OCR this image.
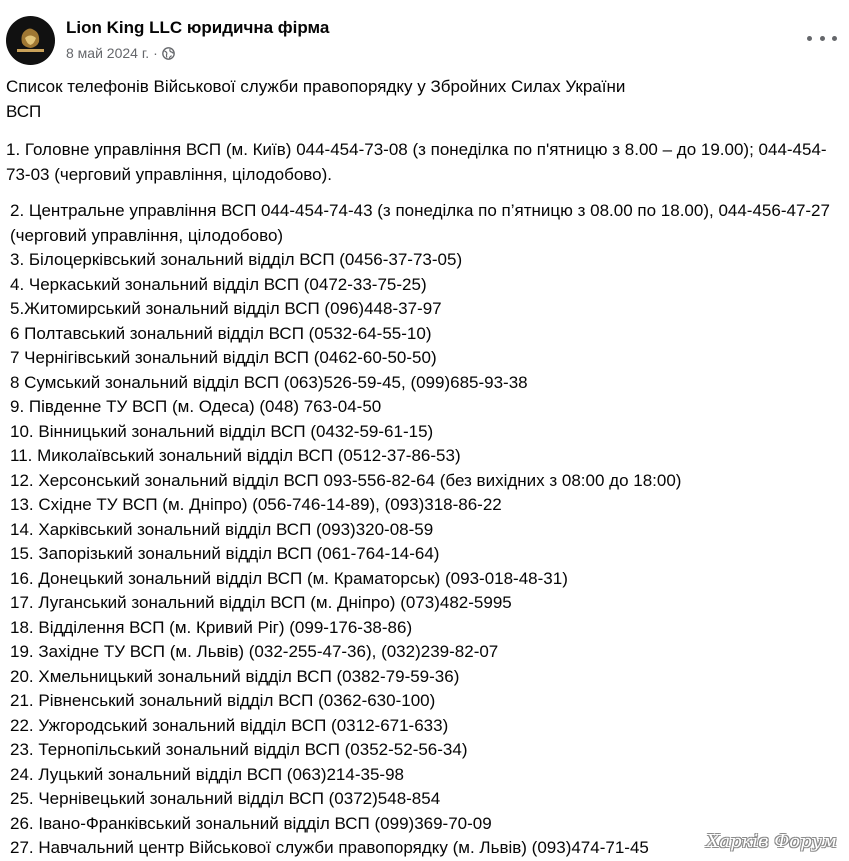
Lion King LLC юридична фірма
8 май 2024 г. ·

Список телефонів Військової служби правопорядку у Збройних Силах України
ВСП

1. Головне управління ВСП (м. Київ) 044-454-73-08 (з понеділка по п'ятницю з 8.00 – до 19.00); 044-454-73-03 (черговий управління, цілодобово).

2. Центральне управління ВСП 044-454-74-43 (з понеділка по п’ятницю з 08.00 по 18.00), 044-456-47-27 (черговий управління, цілодобово)

3. Білоцерківський зональний відділ ВСП (0456-37-73-05)
4. Черкаський зональний відділ ВСП (0472-33-75-25)
5.Житомирський зональний відділ ВСП (096)448-37-97
6 Полтавський зональний відділ ВСП (0532-64-55-10)
7 Чернігівський зональний відділ ВСП (0462-60-50-50)
8 Сумський зональний відділ ВСП (063)526-59-45, (099)685-93-38
9. Південне ТУ ВСП (м. Одеса) (048) 763-04-50
10. Вінницький зональний відділ ВСП (0432-59-61-15)
11. Миколаївський зональний відділ ВСП (0512-37-86-53)
12. Херсонський зональний відділ ВСП 093-556-82-64 (без вихідних з 08:00 до 18:00)
13. Східне ТУ ВСП (м. Дніпро) (056-746-14-89), (093)318-86-22
14. Харківський зональний відділ ВСП (093)320-08-59
15. Запорізький зональний відділ ВСП (061-764-14-64)
16. Донецький зональний відділ ВСП (м. Краматорськ) (093-018-48-31)
17. Луганський зональний відділ ВСП (м. Дніпро) (073)482-5995
18. Відділення ВСП (м. Кривий Ріг) (099-176-38-86)
19. Західне ТУ ВСП (м. Львів) (032-255-47-36), (032)239-82-07
20. Хмельницький зональний відділ ВСП (0382-79-59-36)
21. Рівненський зональний відділ ВСП (0362-630-100)
22. Ужгородський зональний відділ ВСП (0312-671-633)
23. Тернопільський зональний відділ ВСП (0352-52-56-34)
24. Луцький зональний відділ ВСП (063)214-35-98
25. Чернівецький зональний відділ ВСП (0372)548-854
26. Івано-Франківський зональний відділ ВСП (099)369-70-09
27. Навчальний центр Військової служби правопорядку (м. Львів) (093)474-71-45	Харків Форум
